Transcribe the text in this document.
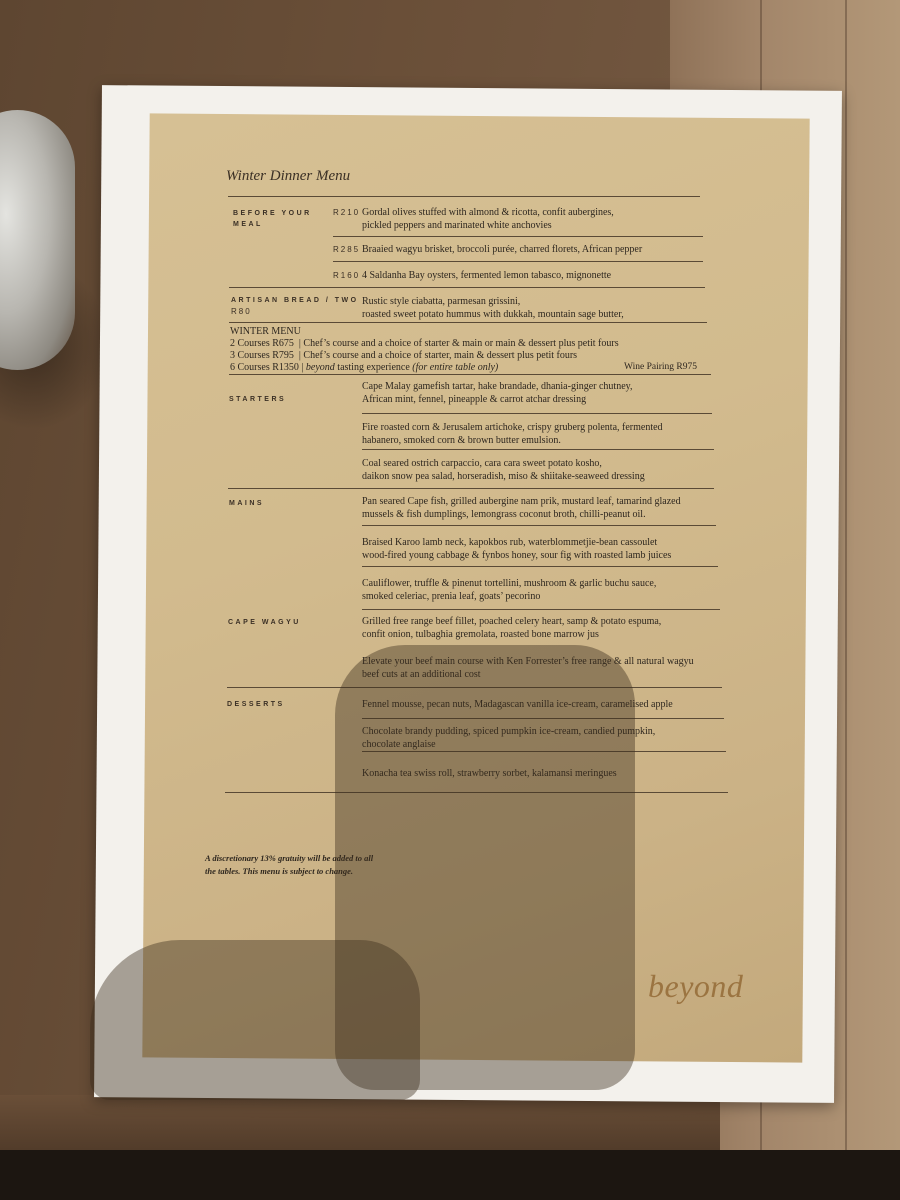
Winter Dinner Menu
BEFORE YOUR MEAL
R210 Gordal olives stuffed with almond & ricotta, confit aubergines,
pickled peppers and marinated white anchovies
R285 Braaied wagyu brisket, broccoli purée, charred florets, African pepper
R160 4 Saldanha Bay oysters, fermented lemon tabasco, mignonette
ARTISAN BREAD / TWO
R80
Rustic style ciabatta, parmesan grissini,
roasted sweet potato hummus with dukkah, mountain sage butter,
WINTER MENU
2 Courses R675  | Chef’s course and a choice of starter & main or main & dessert plus petit fours
3 Courses R795  | Chef’s course and a choice of starter, main & dessert plus petit fours
6 Courses R1350 | beyond tasting experience (for entire table only)	Wine Pairing R975
STARTERS
Cape Malay gamefish tartar, hake brandade, dhania-ginger chutney,
African mint, fennel, pineapple & carrot atchar dressing
Fire roasted corn & Jerusalem artichoke, crispy gruberg polenta, fermented
habanero, smoked corn & brown butter emulsion.
Coal seared ostrich carpaccio, cara cara sweet potato kosho,
daikon snow pea salad, horseradish, miso & shiitake-seaweed dressing
MAINS	Pan seared Cape fish, grilled aubergine nam prik, mustard leaf, tamarind glazed
mussels & fish dumplings, lemongrass coconut broth, chilli-peanut oil.
Braised Karoo lamb neck, kapokbos rub, waterblommetjie-bean cassoulet
wood-fired young cabbage & fynbos honey, sour fig with roasted lamb juices
Cauliflower, truffle & pinenut tortellini, mushroom & garlic buchu sauce,
smoked celeriac, prenia leaf, goats’ pecorino
CAPE WAGYU	Grilled free range beef fillet, poached celery heart, samp & potato espuma,
confit onion, tulbaghia gremolata, roasted bone marrow jus
Elevate your beef main course with Ken Forrester’s free range & all natural wagyu
beef cuts at an additional cost
DESSERTS	Fennel mousse, pecan nuts, Madagascan vanilla ice-cream, caramelised apple
Chocolate brandy pudding, spiced pumpkin ice-cream, candied pumpkin,
chocolate anglaise
Konacha tea swiss roll, strawberry sorbet, kalamansi meringues
A discretionary 13% gratuity will be added to all
the tables. This menu is subject to change.
beyond
